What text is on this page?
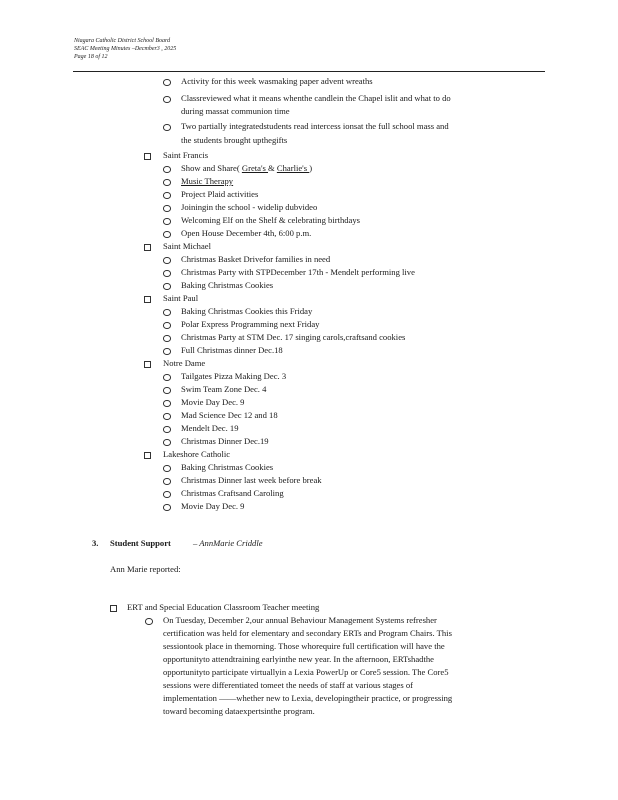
Niagara Catholic District School Board
SEAC Meeting Minutes –Decmber3 , 2025
Page 18 of 12
Activity for this week wasmaking paper advent wreaths
Classreviewed what it means whenthe candlein the Chapel islit and what to do
during massat communion time
Two partially integratedstudents read intercess ionsat the full school mass and
the students brought upthegifts
Saint Francis
Show and Share( Greta's & Charlie's )
Music Therapy
Project Plaid activities
Joiningin the school - widelip dubvideo
Welcoming Elf on the Shelf & celebrating birthdays
Open House December 4th, 6:00 p.m.
Saint Michael
Christmas Basket Drivefor families in need
Christmas Party with STPDecember 17th - Mendelt performing live
Baking Christmas Cookies
Saint Paul
Baking Christmas Cookies this Friday
Polar Express Programming next Friday
Christmas Party at STM Dec. 17 singing carols,craftsand cookies
Full Christmas dinner Dec.18
Notre Dame
Tailgates Pizza Making Dec. 3
Swim Team Zone Dec. 4
Movie Day Dec. 9
Mad Science Dec 12 and 18
Mendelt Dec. 19
Christmas Dinner Dec.19
Lakeshore Catholic
Baking Christmas Cookies
Christmas Dinner last week before break
Christmas Craftsand Caroling
Movie Day Dec. 9
3. Student Support	– AnnMarie Criddle
Ann Marie reported:
ERT and Special Education Classroom Teacher meeting
On Tuesday, December 2,our annual Behaviour Management Systems refresher
certification was held for elementary and secondary ERTs and Program Chairs. This
sessiontook place in themorning. Those whorequire full certification will have the
opportunityto attendtraining earlyinthe new year. In the afternoon, ERTshadthe
opportunityto participate virtuallyin a Lexia PowerUp or Core5 session. The Core5
sessions were differentiated tomeet the needs of staff at various stages of
implementation ——whether new to Lexia, developingtheir practice, or progressing
toward becoming dataexpertsinthe program.
